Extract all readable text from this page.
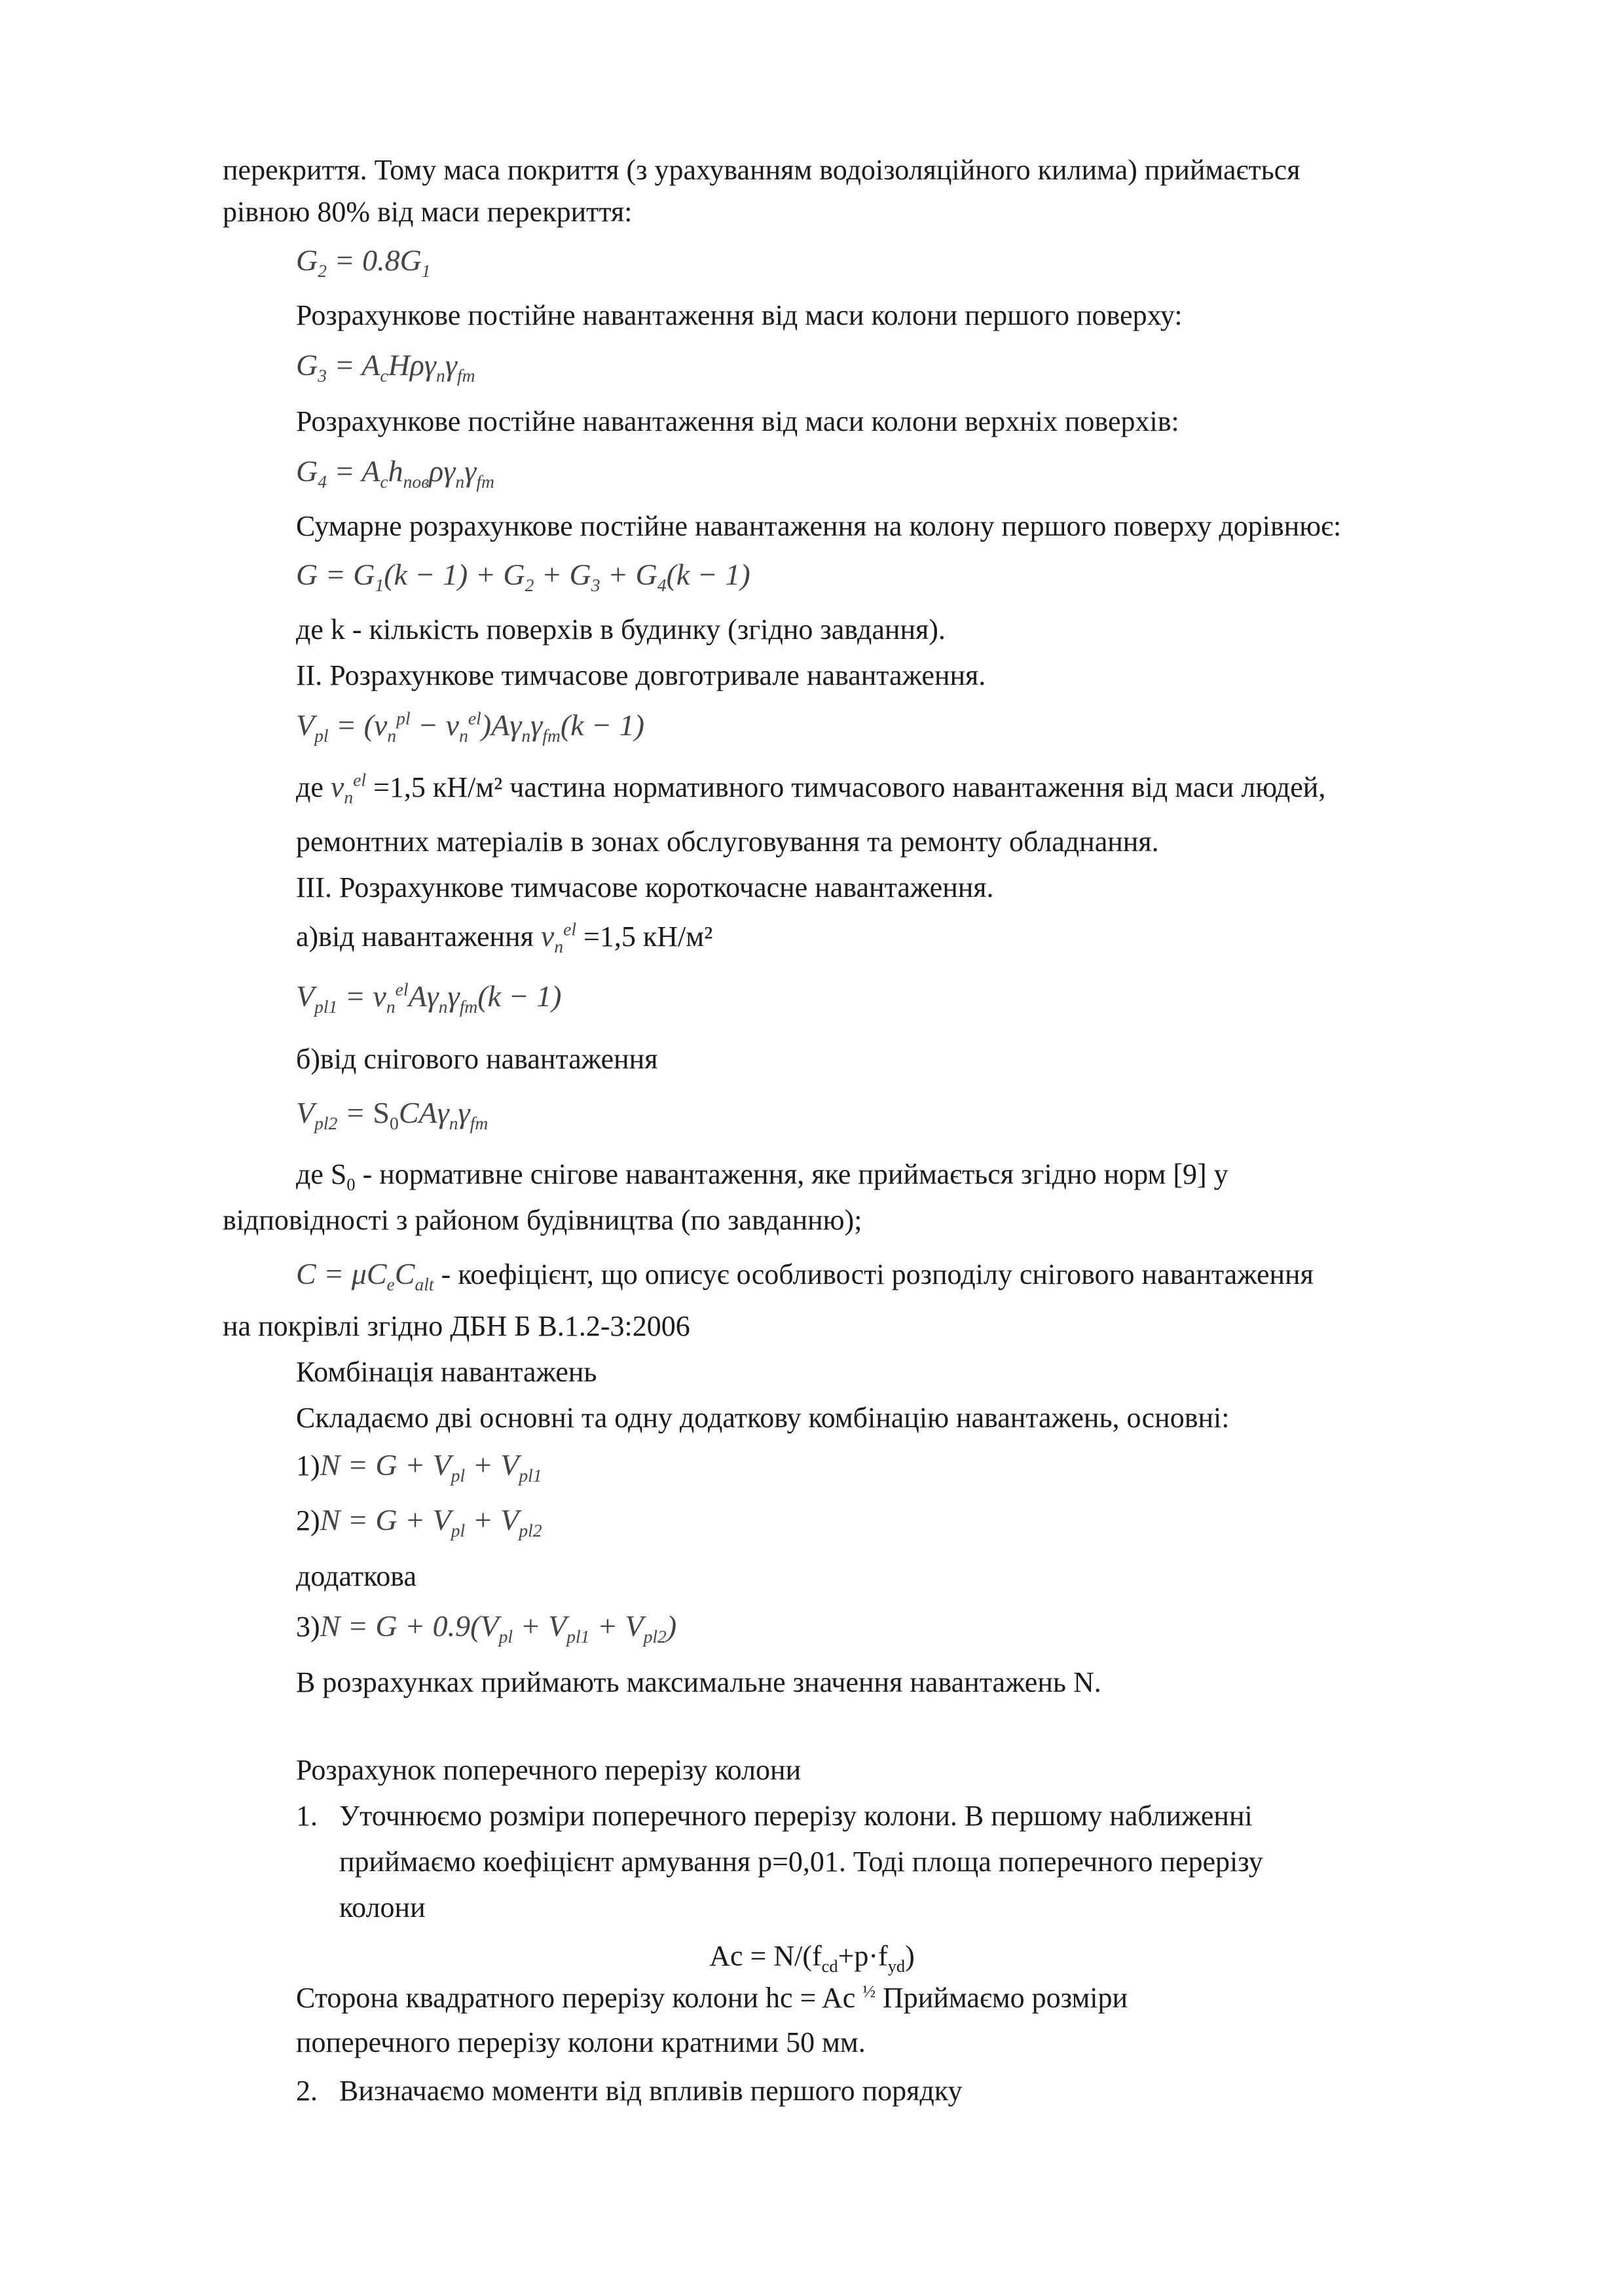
перекриття. Тому маса покриття (з урахуванням водоізоляційного килима) приймається
рівною 80% від маси перекриття:
$G_2 = 0.8G_1$
Розрахункове постійне навантаження від маси колони першого поверху:
$G_3 = A_cH\rho\gamma_n\gamma_{fm}$
Розрахункове постійне навантаження від маси колони верхніх поверхів:
$G_4 = A_ch_{пов}\rho\gamma_n\gamma_{fm}$
Сумарне розрахункове постійне навантаження на колону першого поверху дорівнює:
$G = G_1(k - 1) + G_2 + G_3 + G_4(k - 1)$
де k - кількість поверхів в будинку (згідно завдання).
ІІ. Розрахункове тимчасове довготривале навантаження.
$V_{pl} = (v_n^{pl} - v_n^{el})A\gamma_n\gamma_{fm}(k - 1)$
де $v_n^{el} =1,5$ кН/м² частина нормативного тимчасового навантаження від маси людей,
ремонтних матеріалів в зонах обслуговування та ремонту обладнання.
ІІІ. Розрахункове тимчасове короткочасне навантаження.
а)від навантаження $v_n^{el} =1,5$ кН/м²
$V_{pl1} = v_n^{el}A\gamma_n\gamma_{fm}(k - 1)$
б)від снігового навантаження
$V_{pl2} = S_0CA\gamma_n\gamma_{fm}$
де $S_0$ - нормативне снігове навантаження, яке приймається згідно норм [9] у
відповідності з районом будівництва (по завданню);
$C = \mu C_eC_{alt}$ - коефіцієнт, що описує особливості розподілу снігового навантаження
на покрівлі згідно ДБН Б В.1.2-3:2006
Комбінація навантажень
Складаємо дві основні та одну додаткову комбінацію навантажень, основні:
$1)N = G + V_{pl} + V_{pl1}$
$2)N = G + V_{pl} + V_{pl2}$
додаткова
$3)N = G + 0.9(V_{pl} + V_{pl1} + V_{pl2})$
В розрахунках приймають максимальне значення навантажень N.
Розрахунок поперечного перерізу колони
1. Уточнюємо розміри поперечного перерізу колони. В першому наближенні
приймаємо коефіцієнт армування p=0,01. Тоді площа поперечного перерізу
колони
$Ac = N/(f_{cd}+p\cdot f_{yd})$
Сторона квадратного перерізу колони hc = Ac $^{\frac{1}{2}}$ Приймаємо розміри
поперечного перерізу колони кратними 50 мм.
2. Визначаємо моменти від впливів першого порядку
